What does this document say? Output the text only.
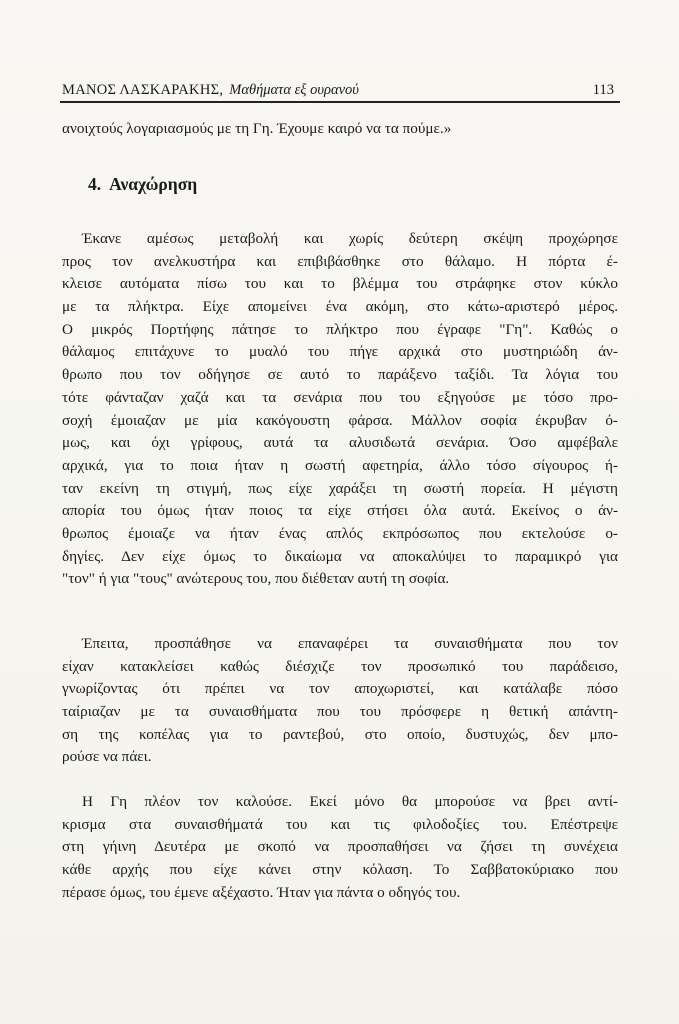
ΜΑΝΟΣ ΛΑΣΚΑΡΑΚΗΣ, Μαθήματα εξ ουρανού	113
ανοιχτούς λογαριασμούς με τη Γη. Έχουμε καιρό να τα πούμε.»
4. Αναχώρηση
Έκανε αμέσως μεταβολή και χωρίς δεύτερη σκέψη προχώρησε
προς τον ανελκυστήρα και επιβιβάσθηκε στο θάλαμο. Η πόρτα έ-
κλεισε αυτόματα πίσω του και το βλέμμα του στράφηκε στον κύκλο
με τα πλήκτρα. Είχε απομείνει ένα ακόμη, στο κάτω-αριστερό μέρος.
Ο μικρός Πορτήφης πάτησε το πλήκτρο που έγραφε "Γη". Καθώς ο
θάλαμος επιτάχυνε το μυαλό του πήγε αρχικά στο μυστηριώδη άν-
θρωπο που τον οδήγησε σε αυτό το παράξενο ταξίδι. Τα λόγια του
τότε φάνταζαν χαζά και τα σενάρια που του εξηγούσε με τόσο προ-
σοχή έμοιαζαν με μία κακόγουστη φάρσα. Μάλλον σοφία έκρυβαν ό-
μως, και όχι γρίφους, αυτά τα αλυσιδωτά σενάρια. Όσο αμφέβαλε
αρχικά, για το ποια ήταν η σωστή αφετηρία, άλλο τόσο σίγουρος ή-
ταν εκείνη τη στιγμή, πως είχε χαράξει τη σωστή πορεία. Η μέγιστη
απορία του όμως ήταν ποιος τα είχε στήσει όλα αυτά. Εκείνος ο άν-
θρωπος έμοιαζε να ήταν ένας απλός εκπρόσωπος που εκτελούσε ο-
δηγίες. Δεν είχε όμως το δικαίωμα να αποκαλύψει το παραμικρό για
"τον" ή για "τους" ανώτερους του, που διέθεταν αυτή τη σοφία.
Έπειτα, προσπάθησε να επαναφέρει τα συναισθήματα που τον
είχαν κατακλείσει καθώς διέσχιζε τον προσωπικό του παράδεισο,
γνωρίζοντας ότι πρέπει να τον αποχωριστεί, και κατάλαβε πόσο
ταίριαζαν με τα συναισθήματα που του πρόσφερε η θετική απάντη-
ση της κοπέλας για το ραντεβού, στο οποίο, δυστυχώς, δεν μπο-
ρούσε να πάει.
Η Γη πλέον τον καλούσε. Εκεί μόνο θα μπορούσε να βρει αντί-
κρισμα στα συναισθήματά του και τις φιλοδοξίες του. Επέστρεψε
στη γήινη Δευτέρα με σκοπό να προσπαθήσει να ζήσει τη συνέχεια
κάθε αρχής που είχε κάνει στην κόλαση. Το Σαββατοκύριακο που
πέρασε όμως, του έμενε αξέχαστο. Ήταν για πάντα ο οδηγός του.
